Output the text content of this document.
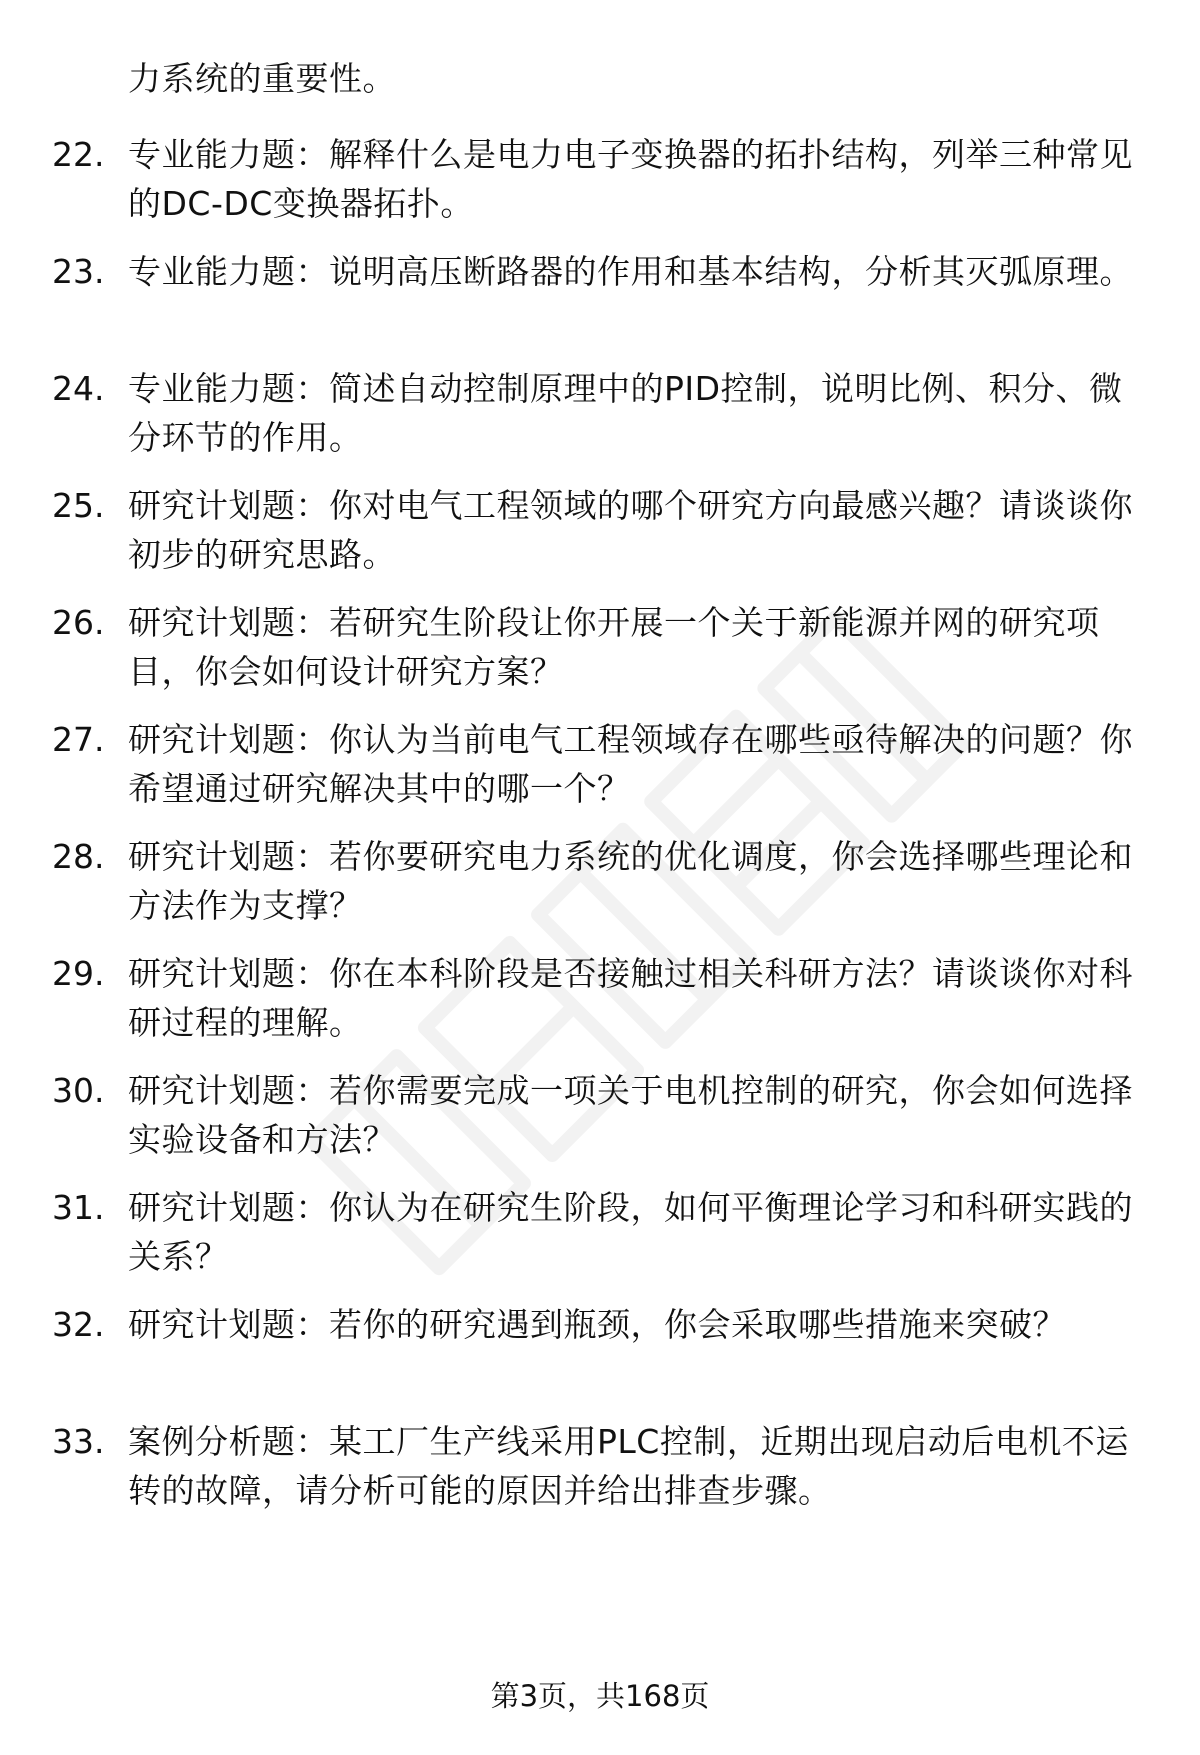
力系统的重要性。
22. 专业能力题：解释什么是电力电子变换器的拓扑结构，列举三种常见的DC-DC变换器拓扑。
23. 专业能力题：说明高压断路器的作用和基本结构，分析其灭弧原理。
24. 专业能力题：简述自动控制原理中的PID控制，说明比例、积分、微分环节的作用。
25. 研究计划题：你对电气工程领域的哪个研究方向最感兴趣？请谈谈你初步的研究思路。
26. 研究计划题：若研究生阶段让你开展一个关于新能源并网的研究项目，你会如何设计研究方案？
27. 研究计划题：你认为当前电气工程领域存在哪些亟待解决的问题？你希望通过研究解决其中的哪一个？
28. 研究计划题：若你要研究电力系统的优化调度，你会选择哪些理论和方法作为支撑？
29. 研究计划题：你在本科阶段是否接触过相关科研方法？请谈谈你对科研过程的理解。
30. 研究计划题：若你需要完成一项关于电机控制的研究，你会如何选择实验设备和方法？
31. 研究计划题：你认为在研究生阶段，如何平衡理论学习和科研实践的关系？
32. 研究计划题：若你的研究遇到瓶颈，你会采取哪些措施来突破？
33. 案例分析题：某工厂生产线采用PLC控制，近期出现启动后电机不运转的故障，请分析可能的原因并给出排查步骤。
第3页，共168页
